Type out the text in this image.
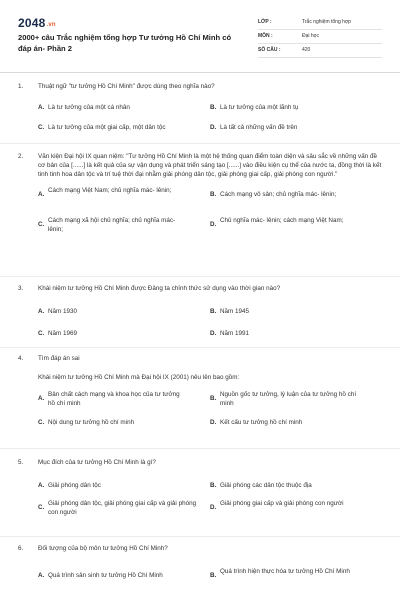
2048.vn
2000+ câu Trắc nghiệm tổng hợp Tư tưởng Hồ Chí Minh có
đáp án- Phần 2
LỚP :	Trắc nghiệm tổng hợp
MÔN :	Đại học
SỐ CÂU :	420
1.	Thuật ngữ "tư tưởng Hồ Chí Minh" được dùng theo nghĩa nào?
A. Là tư tưởng của một cá nhân	B. Là tư tưởng của một lãnh tụ
C. Là tư tưởng của một giai cấp, một dân tộc	D. Là tất cả những vấn đề trên
2.	Văn kiện Đại hội IX quan niệm: "Tư tưởng Hồ Chí Minh là một hệ thống quan điểm toàn diện và sâu sắc về những vấn đề cơ bản của [......] là kết quả của sự vận dụng và phát triển sáng tạo [......] vào điều kiện cụ thể của nước ta, đồng thời là kết tinh tinh hoa dân tộc và trí tuệ thời đại nhằm giải phóng dân tộc, giải phóng giai cấp, giải phóng con người."
A.
Cách mạng Việt Nam; chủ nghĩa mác- lênin;
B. Cách mạng vô sản; chủ nghĩa mác- lênin;
C.
Cách mạng xã hội chủ nghĩa; chủ nghĩa mác- lênin;
D.
Chủ nghĩa mác- lênin; cách mạng Việt Nam;
3.	Khái niệm tư tưởng Hồ Chí Minh được Đảng ta chính thức sử dụng vào thời gian nào?
A. Năm 1930	B. Năm 1945
C. Năm 1969	D. Năm 1991
4.	Tìm đáp án sai
Khái niệm tư tưởng Hồ Chí Minh mà Đại hội IX (2001) nêu lên bao gồm:
A.
Bản chất cách mạng và khoa học của tư tưởng hồ chí minh
B.
Nguồn gốc tư tưởng, lý luận của tư tưởng hồ chí minh
C. Nội dung tư tưởng hồ chí minh	D. Kết cấu tư tưởng hồ chí minh
5.	Mục đích của tư tưởng Hồ Chí Minh là gì?
A. Giải phóng dân tộc	B. Giải phóng các dân tộc thuộc địa
C.
Giải phóng dân tộc, giải phóng giai cấp và giải phóng con người
D.
Giải phóng giai cấp và giải phóng con người
6.	Đối tượng của bộ môn tư tưởng Hồ Chí Minh?
A. Quá trình sản sinh tư tưởng Hồ Chí Minh	B.
Quá trình hiện thực hóa tư tưởng Hồ Chí Minh
